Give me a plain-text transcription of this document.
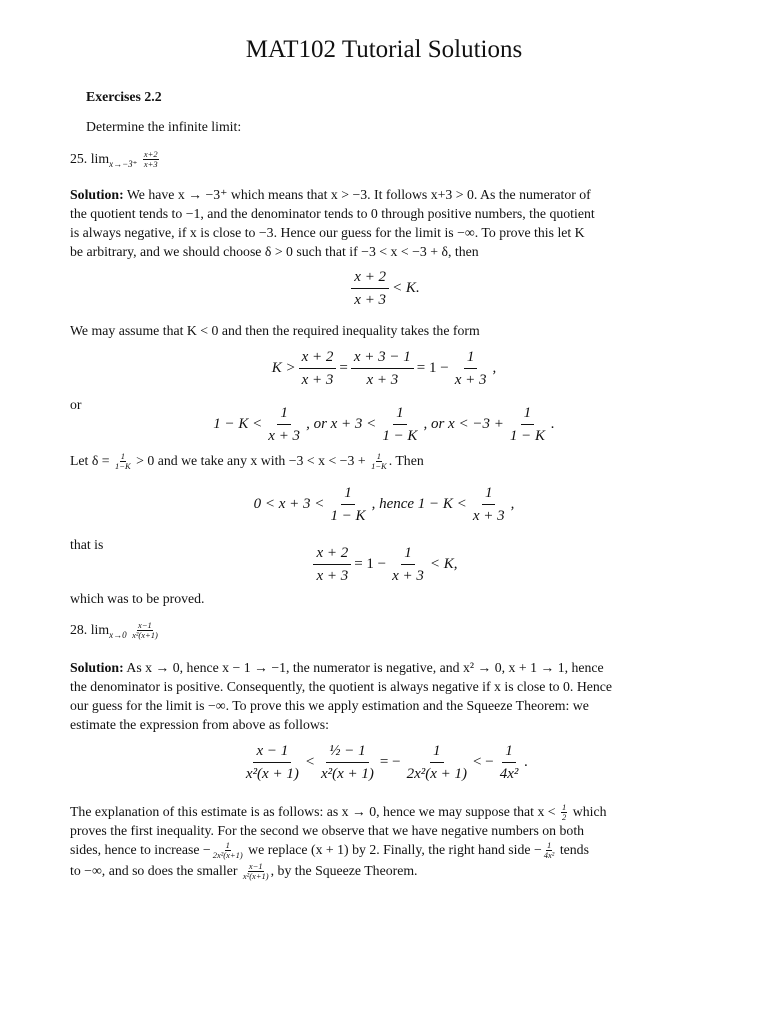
MAT102 Tutorial Solutions
Exercises 2.2
Determine the infinite limit:
25. $\lim_{x\to-3^+} \frac{x+2}{x+3}$
Solution: We have x → −3⁺ which means that x > −3. It follows x+3 > 0. As the numerator of
the quotient tends to −1, and the denominator tends to 0 through positive numbers, the quotient
is always negative, if x is close to −3. Hence our guess for the limit is −∞. To prove this let K
be arbitrary, and we should choose δ > 0 such that if −3 < x < −3 + δ, then
x + 2
x + 3
< K.
We may assume that K < 0 and then the required inequality takes the form
$K > \frac{x + 2}{x + 3} = \frac{x + 3 - 1}{x + 3} = 1 - \frac{1}{x + 3}$ ,
or
1 − K <
1
x + 3
, or x + 3 <
1
1 − K
, or $x < -3 + \frac{1}{1 - K}$ .
Let $\delta = \frac{1}{1-K} > 0$ and we take any x with $-3 < x < -3 + \frac{1}{1-K}$ . Then
0 < x + 3 <
1
1 − K
, hence 1 − K <
1
x + 3
,
that is	$\frac{x + 2}{x + 3} = 1 - \frac{1}{x + 3} < K$,
which was to be proved.
28. $\lim_{x\to 0} \frac{x-1}{\text{x²(x+1)}}$
Solution: As x → 0, hence x − 1 → −1, the numerator is negative, and x² → 0, x + 1 → 1, hence
the denominator is positive. Consequently, the quotient is always negative if x is close to 0. Hence
our guess for the limit is −∞. To prove this we apply estimation and the Squeeze Theorem: we
estimate the expression from above as follows:
x − 1
x²(x + 1)
< $\frac{\text{½ − 1}}{\text{x²(x + 1)}}$ = − $\frac{1}{\text{2x²(x + 1)}}$ < − $\frac{1}{\text{4x²}}$ .
The explanation of this estimate is as follows: as x → 0, hence we may suppose that $x < \frac{1}{2}$ which
proves the first inequality. For the second we observe that we have negative numbers on both
sides, hence to increase − $\frac{1}{\text{2x²(x+1)}}$ we replace (x + 1) by 2. Finally, the right hand side − $\frac{1}{\text{4x²}}$ tends
to −∞, and so does the smaller $\frac{x-1}{\text{x²(x+1)}}$ , by the Squeeze Theorem.
